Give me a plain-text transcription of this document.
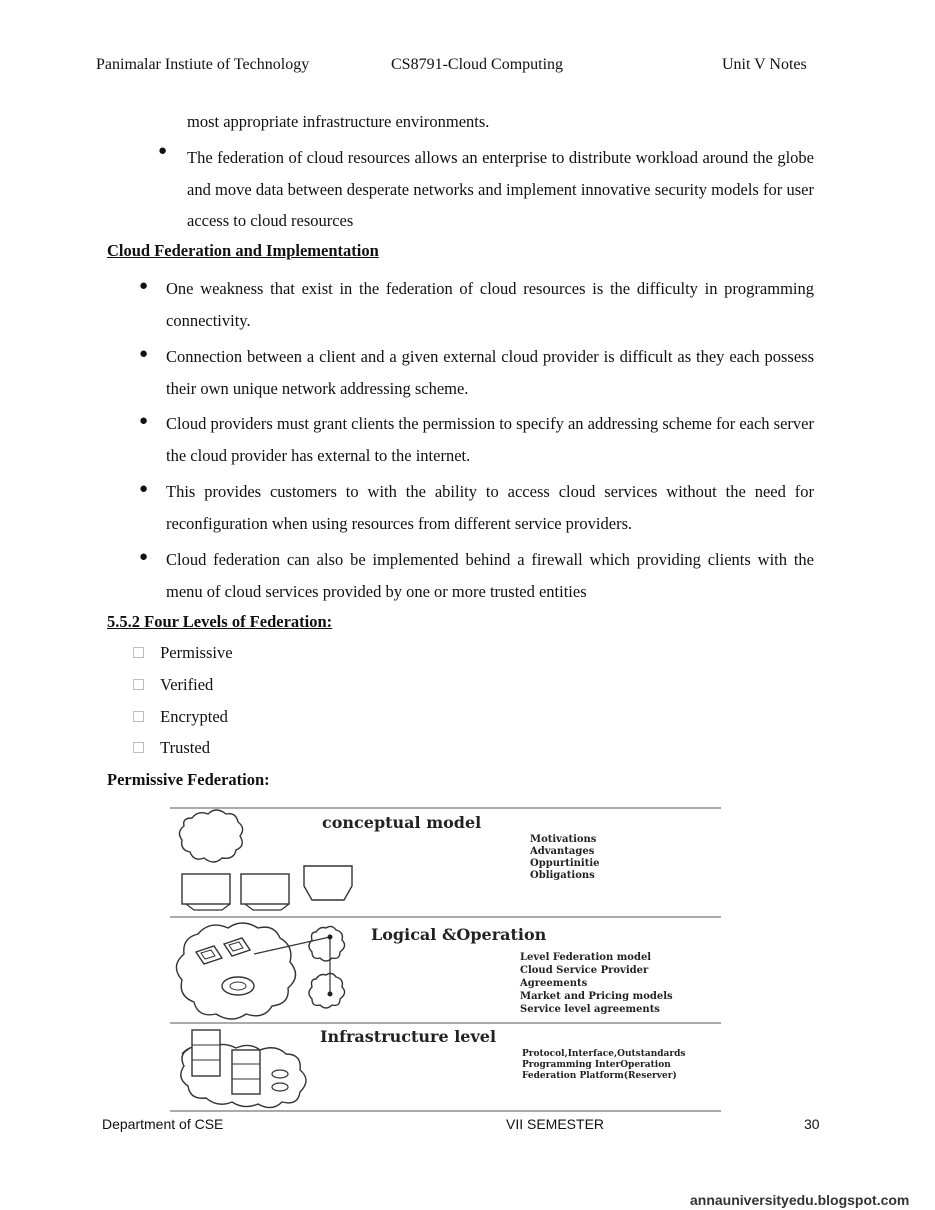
Panimalar Instiute of Technology	CS8791-Cloud Computing	Unit V Notes
most appropriate infrastructure environments.
● The federation of cloud resources allows an enterprise to distribute workload around the globe and move data between desperate networks and implement innovative security models for user access to cloud resources
Cloud Federation and Implementation
● One weakness that exist in the federation of cloud resources is the difficulty in programming connectivity.
● Connection between a client and a given external cloud provider is difficult as they each possess their own unique network addressing scheme.
● Cloud providers must grant clients the permission to specify an addressing scheme for each server the cloud provider has external to the internet.
● This provides customers to with the ability to access cloud services without the need for reconfiguration when using resources from different service providers.
● Cloud federation can also be implemented behind a firewall which providing clients with the menu of cloud services provided by one or more trusted entities
5.5.2 Four Levels of Federation:
Permissive
Verified
Encrypted
Trusted
Permissive Federation:
conceptual model
Motivations
Advantages
Oppurtinitie
Obligations
Logical &Operation
Level Federation model
Cloud Service Provider
Agreements
Market and Pricing models
Service level agreements
Infrastructure level
Protocol,Interface,Outstandards
Programming InterOperation
Federation Platform(Reserver)
Department of CSE	VII SEMESTER	30
annauniversityedu.blogspot.com
